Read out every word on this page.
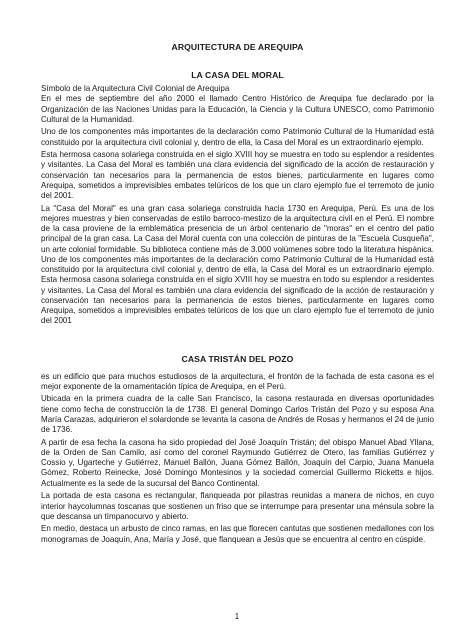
ARQUITECTURA DE AREQUIPA
LA CASA DEL MORAL

Símbolo de la Arquitectura Civil Colonial de Arequipa

En el mes de septiembre del año 2000 el llamado Centro Histórico de Arequipa fue declarado por la Organización de las Naciones Unidas para la Educación, la Ciencia y la Cultura UNESCO, como Patrimonio Cultural de la Humanidad.

Uno de los componentes más importantes de la declaración como Patrimonio Cultural de la Humanidad está constituido por la arquitectura civil colonial y, dentro de ella, la Casa del Moral es un extraordinario ejemplo.

Esta hermosa casona solariega construida en el siglo XVIII hoy se muestra en todo su esplendor a residentes y visitantes. La Casa del Moral es también una clara evidencia del significado de la acción de restauración y conservación tan necesarios para la permanencia de estos bienes, particularmente en lugares como Arequipa, sometidos a imprevisibles embates telúricos de los que un claro ejemplo fue el terremoto de junio del 2001.

La "Casa del Moral" es una gran casa solariega construida hacia 1730 en Arequipa, Perú. Es una de los mejores muestras y bien conservadas de estilo barroco-mestizo de la arquitectura civil en el Perú. El nombre de la casa proviene de la emblemática presencia de un árbol centenario de "moras" en el centro del patio principal de la gran casa. La Casa del Moral cuenta con una colección de pinturas de la "Escuela Cusqueña", un arte colonial formidable. Su biblioteca contiene más de 3.000 volúmenes sobre todo la literatura hispánica. Uno de los componentes más importantes de la declaración como Patrimonio Cultural de la Humanidad está constituido por la arquitectura civil colonial y, dentro de ella, la Casa del Moral es un extraordinario ejemplo. Esta hermosa casona solariega construida en el siglo XVIII hoy se muestra en todo su esplendor a residentes y visitantes. La Casa del Moral es también una clara evidencia del significado de la acción de restauración y conservación tan necesarios para la permanencia de estos bienes, particularmente en lugares como Arequipa, sometidos a imprevisibles embates telúricos de los que un claro ejemplo fue el terremoto de junio del 2001

CASA TRISTÁN DEL POZO

es un edificio que para muchos estudiosos de la arquitectura, el frontón de la fachada de esta casona es el mejor exponente de la ornamentación típica de Arequipa, en el Perú.

Ubicada en la primera cuadra de la calle San Francisco, la casona restaurada en diversas oportunidades tiene como fecha de construcción la de 1738. El general Domingo Carlos Tristán del Pozo y su esposa Ana María Carazas, adquirieron el solardonde se levanta la casona de Andrés de Rosas y hermanos el 24 de junio de 1736.

A partir de esa fecha la casona ha sido propiedad del José Joaquín Tristán; del obispo Manuel Abad Yllana, de la Orden de San Camilo, así como del coronel Raymundo Gutiérrez de Otero, las familias Gutiérrez y Cossio y, Ugarteche y Gutiérrez, Manuel Ballón, Juana Gómez Ballón, Joaquín del Carpio, Juana Manuela Gómez, Roberto Reinecke, José Domingo Montesinos y la sociedad comercial Guillermo Ricketts e hijos. Actualmente es la sede de la sucursal del Banco Continental.

La portada de esta casona es rectangular, flanqueada por pilastras reunidas a manera de nichos, en cuyo interior haycolumnas toscanas que sostienen un friso que se interrumpe para presentar una ménsula sobre la que descansa un tímpanocurvo y abierto.

En medio, destaca un arbusto de cinco ramas, en las que florecen cantutas que sostienen medallones con los monogramas de Joaquín, Ana, María y José, que flanquean a Jesús que se encuentra al centro en cúspide.

1
